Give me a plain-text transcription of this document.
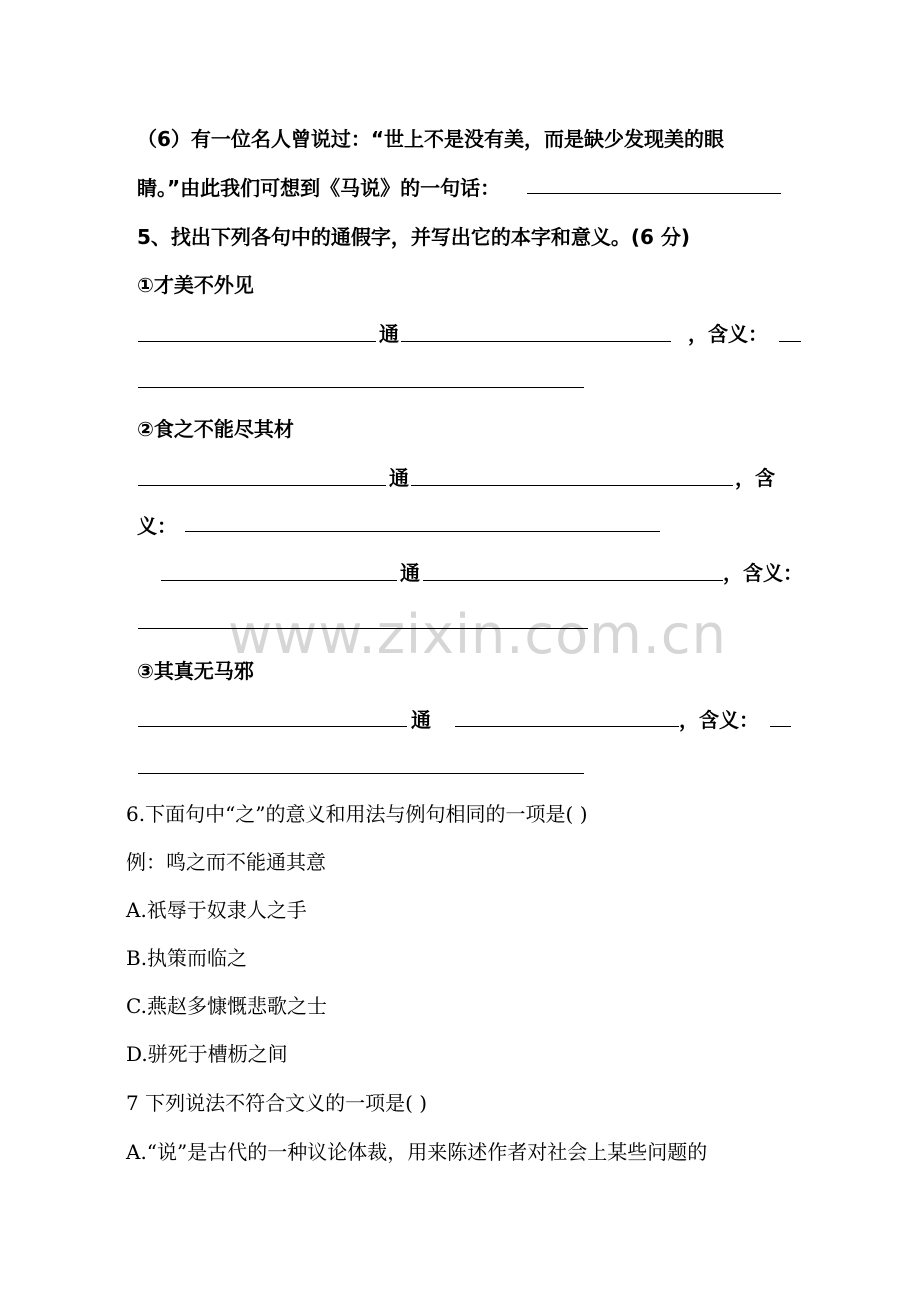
www.zixin.com.cn
（6）有一位名人曾说过：“世上不是没有美，而是缺少发现美的眼
睛。”由此我们可想到《马说》的一句话：
5、找出下列各句中的通假字，并写出它的本字和意义。(6 分)
①才美不外见
通	，含义：
②食之不能尽其材
通	，含
义：
通	，含义：
③其真无马邪
通	，含义：
6.下面句中“之”的意义和用法与例句相同的一项是( )
例：鸣之而不能通其意
A.祇辱于奴隶人之手
B.执策而临之
C.燕赵多慷慨悲歌之士
D.骈死于槽枥之间
7 下列说法不符合文义的一项是( )
A.“说”是古代的一种议论体裁，用来陈述作者对社会上某些问题的
